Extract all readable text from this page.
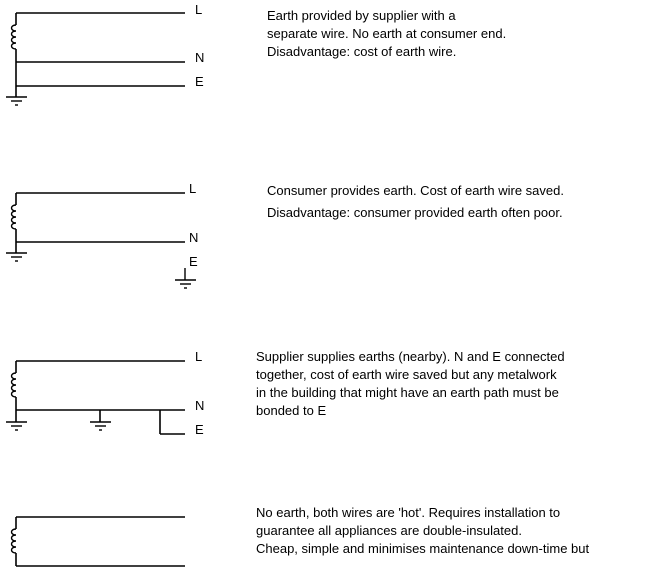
L
N
E
L
N
E
L
N
E
Earth provided by supplier with a
separate wire. No earth at consumer end.
Disadvantage: cost of earth wire.
Consumer provides earth. Cost of earth wire saved.
Disadvantage: consumer provided earth often poor.
Supplier supplies earths (nearby). N and E connected
together, cost of earth wire saved but any metalwork
in the building that might have an earth path must be
bonded to E
No earth, both wires are 'hot'. Requires installation to
guarantee all appliances are double-insulated.
Cheap, simple and minimises maintenance down-time but
